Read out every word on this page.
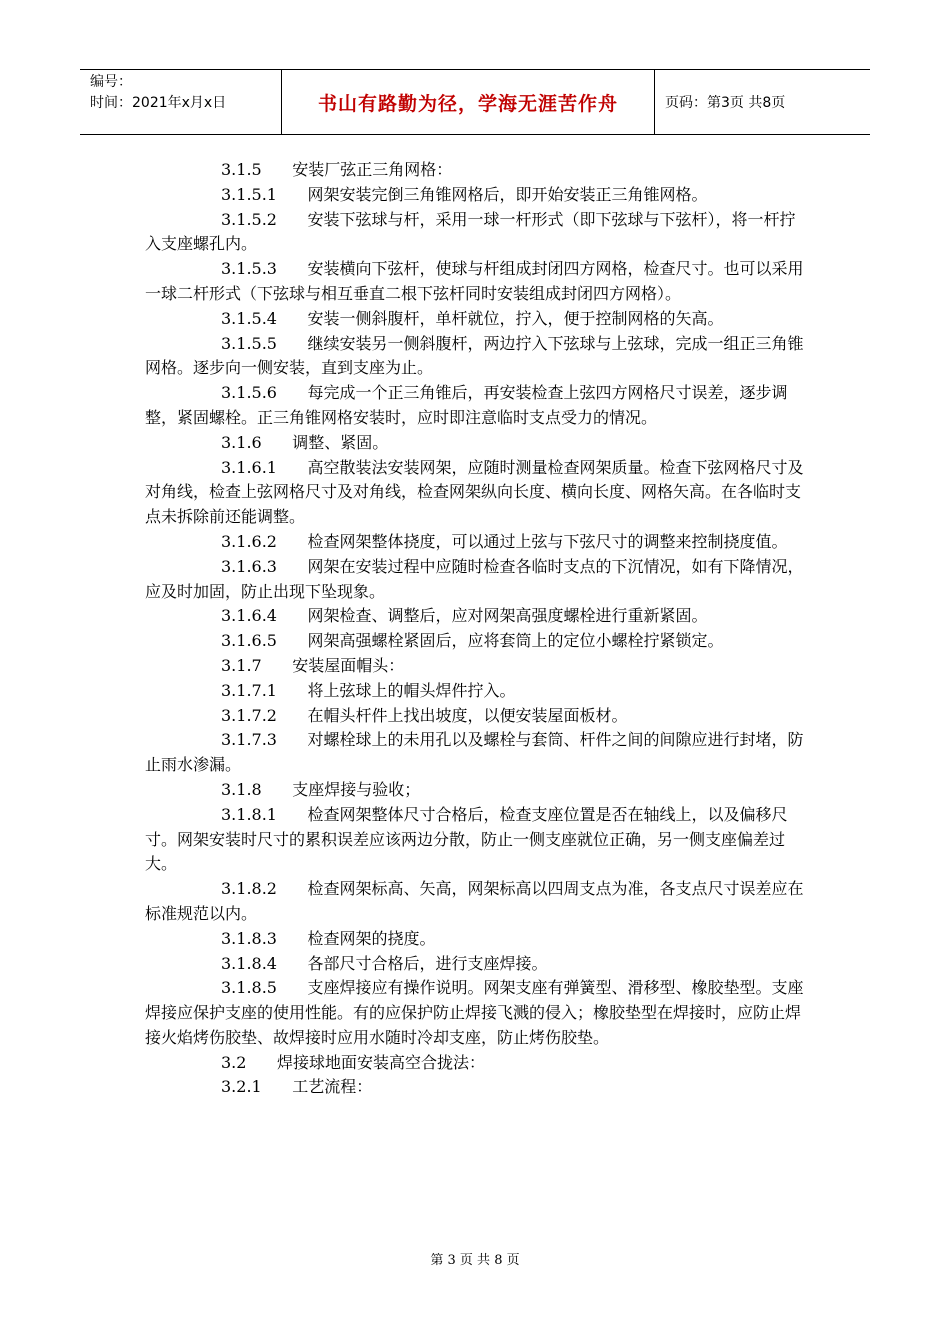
编号：
时间：2021年x月x日	书山有路勤为径，学海无涯苦作舟	页码：第3页 共8页

3.1.5 安装厂弦正三角网格：

3.1.5.1 网架安装完倒三角锥网格后，即开始安装正三角锥网格。

3.1.5.2 安装下弦球与杆，采用一球一杆形式（即下弦球与下弦杆），将一杆拧入支座螺孔内。

3.1.5.3 安装横向下弦杆，使球与杆组成封闭四方网格，检查尺寸。也可以采用一球二杆形式（下弦球与相互垂直二根下弦杆同时安装组成封闭四方网格）。

3.1.5.4 安装一侧斜腹杆，单杆就位，拧入，便于控制网格的矢高。

3.1.5.5 继续安装另一侧斜腹杆，两边拧入下弦球与上弦球，完成一组正三角锥网格。逐步向一侧安装，直到支座为止。

3.1.5.6 每完成一个正三角锥后，再安装检查上弦四方网格尺寸误差，逐步调整，紧固螺栓。正三角锥网格安装时，应时即注意临时支点受力的情况。

3.1.6 调整、紧固。

3.1.6.1 高空散装法安装网架，应随时测量检查网架质量。检查下弦网格尺寸及对角线，检查上弦网格尺寸及对角线，检查网架纵向长度、横向长度、网格矢高。在各临时支点未拆除前还能调整。

3.1.6.2 检查网架整体挠度，可以通过上弦与下弦尺寸的调整来控制挠度值。

3.1.6.3 网架在安装过程中应随时检查各临时支点的下沉情况，如有下降情况，应及时加固，防止出现下坠现象。

3.1.6.4 网架检查、调整后，应对网架高强度螺栓进行重新紧固。

3.1.6.5 网架高强螺栓紧固后，应将套筒上的定位小螺栓拧紧锁定。

3.1.7 安装屋面帽头：

3.1.7.1 将上弦球上的帽头焊件拧入。

3.1.7.2 在帽头杆件上找出坡度，以便安装屋面板材。

3.1.7.3 对螺栓球上的未用孔以及螺栓与套筒、杆件之间的间隙应进行封堵，防止雨水渗漏。

3.1.8 支座焊接与验收；

3.1.8.1 检查网架整体尺寸合格后，检查支座位置是否在轴线上，以及偏移尺寸。网架安装时尺寸的累积误差应该两边分散，防止一侧支座就位正确，另一侧支座偏差过大。

3.1.8.2 检查网架标高、矢高，网架标高以四周支点为准，各支点尺寸误差应在标准规范以内。

3.1.8.3 检查网架的挠度。

3.1.8.4 各部尺寸合格后，进行支座焊接。

3.1.8.5 支座焊接应有操作说明。网架支座有弹簧型、滑移型、橡胶垫型。支座焊接应保护支座的使用性能。有的应保护防止焊接飞溅的侵入；橡胶垫型在焊接时，应防止焊接火焰烤伤胶垫、故焊接时应用水随时冷却支座，防止烤伤胶垫。

3.2 焊接球地面安装高空合拢法：

3.2.1 工艺流程：

第 3 页 共 8 页
